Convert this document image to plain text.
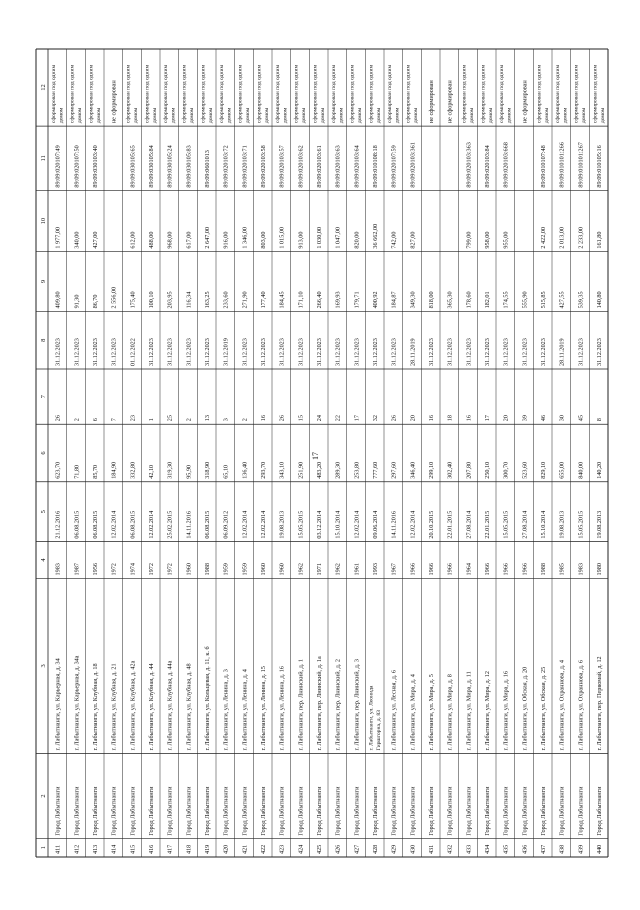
17
1
2
3
4
5
6
7
8
9
10
11
12
411
Город Лабытнанги
г. Лабытнанги, ул. Карьерная, д. 34
1983
21.12.2016
623,70
26
31.12.2023
409,80
1 977,00
89:09:020107:49
сформирован под одним домом
412
Город Лабытнанги
г. Лабытнанги, ул. Карьерная, д. 34а
1987
06.08.2015
71,80
2
31.12.2023
91,30
340,00
89:09:020107:50
сформирован под одним домом
413
Город Лабытнанги
г. Лабытнанги, ул. Клубная, д. 18
1956
06.08.2015
85,70
6
31.12.2023
86,70
427,00
89:09:030103:40
сформирован под одним домом
414
Город Лабытнанги
г. Лабытнанги, ул. Клубная, д. 21
1972
12.02.2014
184,90
7
31.12.2023
2 556,00
не сформирован
415
Город Лабытнанги
г. Лабытнанги, ул. Клубная, д. 42а
1974
06.08.2015
332,80
23
01.12.2022
175,40
612,00
89:09:030105:65
сформирован под одним домом
416
Город Лабытнанги
г. Лабытнанги, ул. Клубная, д. 44
1972
12.02.2014
42,10
1
31.12.2023
100,10
488,00
89:09:030105:84
сформирован под одним домом
417
Город Лабытнанги
г. Лабытнанги, ул. Клубная, д. 44а
1972
25.02.2015
319,30
25
31.12.2023
203,95
968,00
89:09:030105:24
сформирован под одним домом
418
Город Лабытнанги
г. Лабытнанги, ул. Клубная, д. 48
1960
14.11.2016
95,90
2
31.12.2023
116,34
617,00
89:09:030105:83
сформирован под одним домом
419
Город Лабытнанги
г. Лабытнанги, ул. Кольцевая, д. 11, к. б
1988
06.08.2015
318,90
13
31.12.2023
163,25
2 647,00
89:09:0601013
сформирован под одним домом
420
Город Лабытнанги
г. Лабытнанги, ул. Ленина, д. 3
1959
06.09.2012
65,10
3
31.12.2019
233,60
916,00
89:09:020103:72
сформирован под одним домом
421
Город Лабытнанги
г. Лабытнанги, ул. Ленина, д. 4
1959
12.02.2014
136,40
2
31.12.2023
271,90
1 346,00
89:09:020103:71
сформирован под одним домом
422
Город Лабытнанги
г. Лабытнанги, ул. Ленина, д. 15
1960
12.02.2014
293,70
16
31.12.2023
177,40
803,00
89:09:020103:58
сформирован под одним домом
423
Город Лабытнанги
г. Лабытнанги, ул. Ленина, д. 16
1960
19.08.2013
343,10
26
31.12.2023
184,45
1 015,00
89:09:020103:57
сформирован под одним домом
424
Город Лабытнанги
г. Лабытнанги, пер. Лнинский, д. 1
1962
15.05.2015
251,90
15
31.12.2023
171,10
913,00
89:09:020103:62
сформирован под одним домом
425
Город Лабытнанги
г. Лабытнанги, пер. Лнинский, д. 1а
1971
03.12.2014
483,20
24
31.12.2023
266,40
1 030,00
89:09:020103:61
сформирован под одним домом
426
Город Лабытнанги
г. Лабытнанги, пер. Лнинский, д. 2
1962
15.10.2014
289,30
22
31.12.2023
169,93
1 047,00
89:09:020103:63
сформирован под одним домом
427
Город Лабытнанги
г. Лабытнанги, пер. Лнинский, д. 3
1961
12.02.2014
253,80
17
31.12.2023
179,71
820,00
89:09:020103:64
сформирован под одним домом
428
Город Лабытнанги
г. Лабытнанги, ул. Леонида Гиршгорна, д. 83
1993
09.06.2014
777,60
32
31.12.2023
400,92
36 662,00
89:09:010108:18
сформирован под одним домом
429
Город Лабытнанги
г. Лабытнанги, ул. Лесная, д. 6
1967
14.11.2016
297,60
26
31.12.2023
184,87
742,00
89:09:020107:59
сформирован под одним домом
430
Город Лабытнанги
г. Лабытнанги, ул. Мира, д. 4
1966
12.02.2014
346,40
20
28.11.2019
349,30
827,00
89:09:020103:361
сформирован под одним домом
431
Город Лабытнанги
г. Лабытнанги, ул. Мира, д. 5
1966
20.10.2015
299,10
16
31.12.2023
818,00
не сформирован
432
Город Лабытнанги
г. Лабытнанги, ул. Мира, д. 8
1966
22.01.2015
302,40
18
31.12.2023
365,30
не сформирован
433
Город Лабытнанги
г. Лабытнанги, ул. Мира, д. 11
1964
27.08.2014
207,80
16
31.12.2023
178,60
799,00
89:09:020103:363
сформирован под одним домом
434
Город Лабытнанги
г. Лабытнанги, ул. Мира, д. 12
1966
22.01.2015
250,10
17
31.12.2023
182,01
958,00
89:09:020103:84
сформирован под одним домом
435
Город Лабытнанги
г. Лабытнанги, ул. Мира, д. 16
1966
15.05.2015
300,70
20
31.12.2023
174,55
955,00
89:09:020103:668
сформирован под одним домом
436
Город Лабытнанги
г. Лабытнанги, ул. Обская, д. 20
1966
27.08.2014
523,60
39
31.12.2023
555,90
не сформирован
437
Город Лабытнанги
г. Лабытнанги, ул. Обская, д. 25
1988
15.10.2014
829,10
46
31.12.2023
515,85
2 422,00
89:09:010107:48
сформирован под одним домом
438
Город Лабытнанги
г. Лабытнанги, ул. Охраннова, д. 4
1985
19.08.2013
655,00
30
28.11.2019
427,55
2 013,00
89:09:010101:266
сформирован под одним домом
439
Город Лабытнанги
г. Лабытнанги, ул. Охраннова, д. 6
1983
15.05.2015
840,00
45
31.12.2023
539,35
2 233,00
89:09:010101:267
сформирован под одним домом
440
Город Лабытнанги
г. Лабытнанги, пер. Первомай, д. 12
1980
19.08.2013
140,20
8
31.12.2023
140,80
161,80
89:09:010105:16
сформирован под одним домом
